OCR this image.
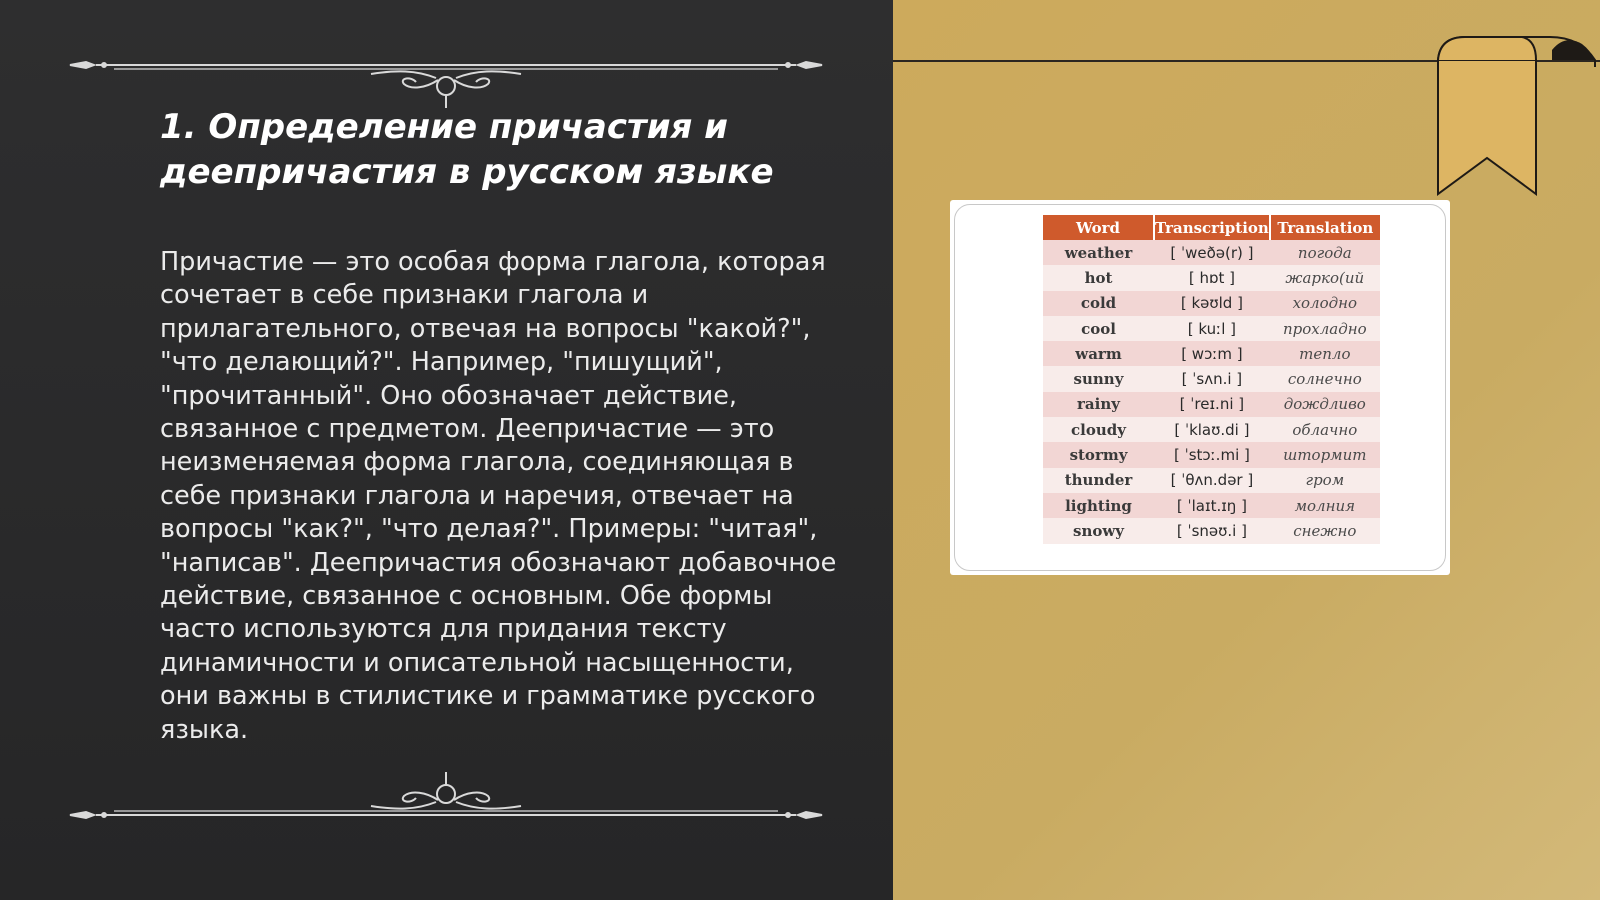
1. Определение причастия и деепричастия в русском языке

Причастие — это особая форма глагола, которая сочетает в себе признаки глагола и прилагательного, отвечая на вопросы "какой?", "что делающий?". Например, "пишущий", "прочитанный". Оно обозначает действие, связанное с предметом. Деепричастие — это неизменяемая форма глагола, соединяющая в себе признаки глагола и наречия, отвечает на вопросы "как?", "что делая?". Примеры: "читая", "написав". Деепричастия обозначают добавочное действие, связанное с основным. Обе формы часто используются для придания тексту динамичности и описательной насыщенности, они важны в стилистике и грамматике русского языка.

Word	Transcription	Translation
weather	[ ˈweðə(r) ]	погода
hot	[ hɒt ]	жарко(ий
cold	[ kəʊld ]	холодно
cool	[ kuːl ]	прохладно
warm	[ wɔːm ]	тепло
sunny	[ ˈsʌn.i ]	солнечно
rainy	[ ˈreɪ.ni ]	дождливо
cloudy	[ ˈklaʊ.di ]	облачно
stormy	[ ˈstɔː.mi ]	штормит
thunder	[ ˈθʌn.dər ]	гром
lighting	[ ˈlaɪt.ɪŋ ]	молния
snowy	[ ˈsnəʊ.i ]	снежно
